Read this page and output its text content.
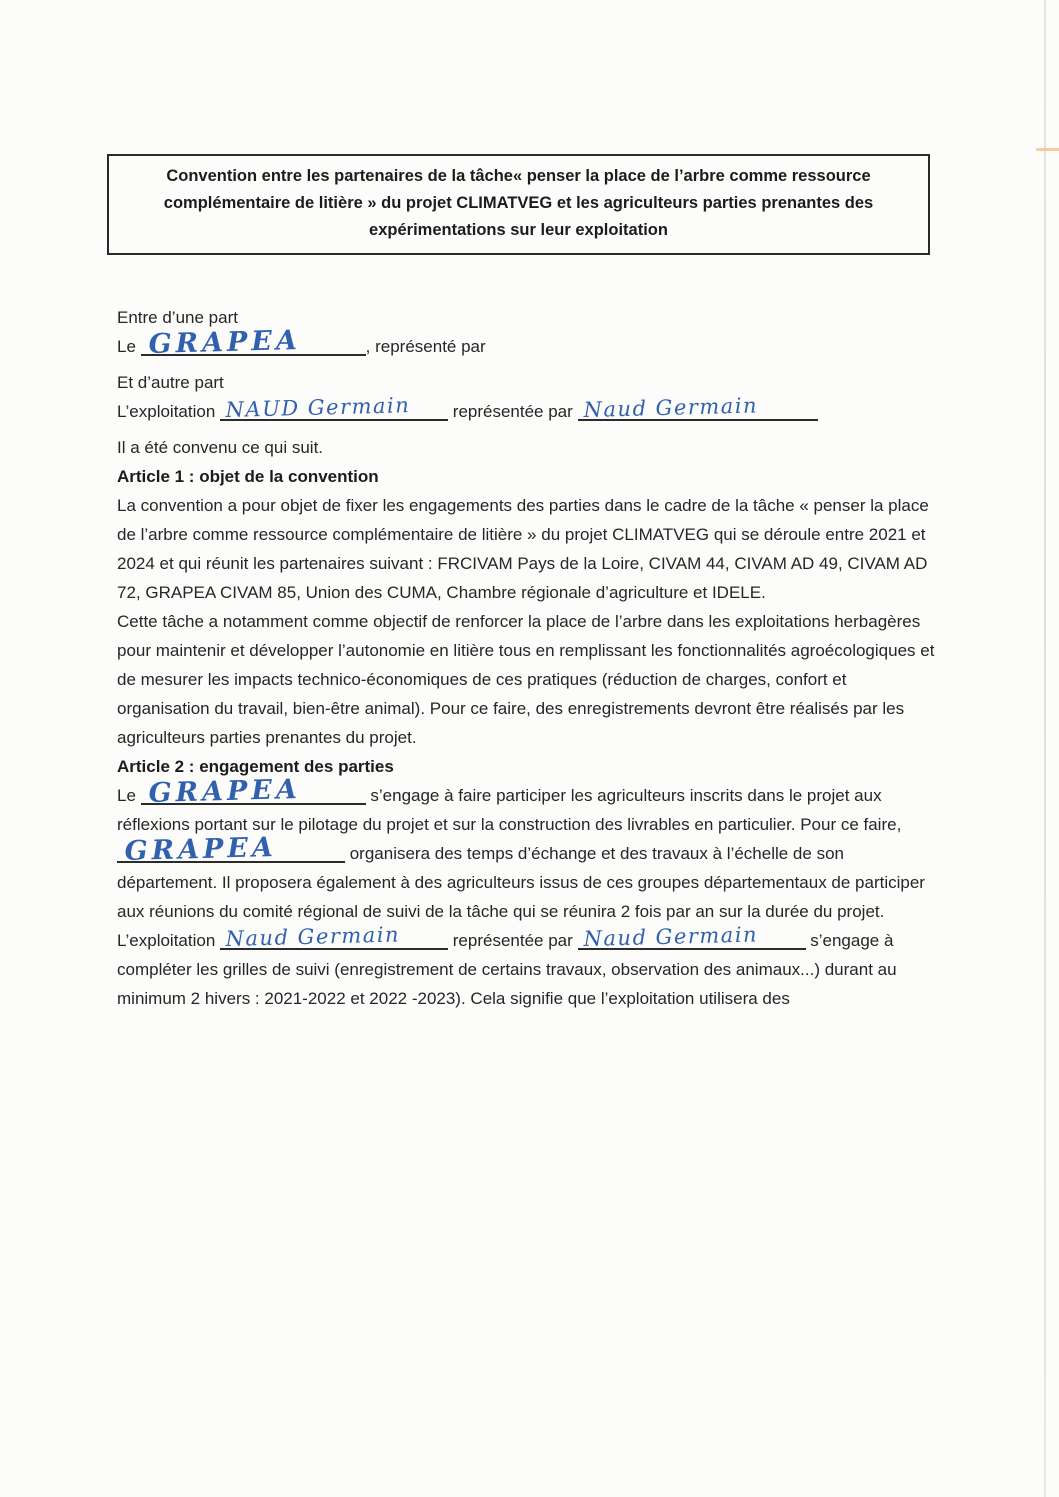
Convention entre les partenaires de la tâche« penser la place de l’arbre comme ressource complémentaire de litière » du projet CLIMATVEG et les agriculteurs parties prenantes des expérimentations sur leur exploitation

Entre d’une part

Le GRAPEA	, représenté par

Et d’autre part

L’exploitation NAUD Germain représentée par Naud Germain

Il a été convenu ce qui suit.

Article 1 : objet de la convention

La convention a pour objet de fixer les engagements des parties dans le cadre de la tâche « penser la place de l’arbre comme ressource complémentaire de litière » du projet CLIMATVEG qui se déroule entre 2021 et 2024 et qui réunit les partenaires suivant : FRCIVAM Pays de la Loire, CIVAM 44, CIVAM AD 49, CIVAM AD 72, GRAPEA CIVAM 85, Union des CUMA, Chambre régionale d’agriculture et IDELE.

Cette tâche a notamment comme objectif de renforcer la place de l’arbre dans les exploitations herbagères pour maintenir et développer l’autonomie en litière tous en remplissant les fonctionnalités agroécologiques et de mesurer les impacts technico-économiques de ces pratiques (réduction de charges, confort et organisation du travail, bien-être animal). Pour ce faire, des enregistrements devront être réalisés par les agriculteurs parties prenantes du projet.

Article 2 : engagement des parties

Le GRAPEA	s’engage à faire participer les agriculteurs inscrits dans le projet aux réflexions portant sur le pilotage du projet et sur la construction des livrables en particulier. Pour ce faire,
GRAPEA	organisera des temps d’échange et des travaux à l’échelle de son département. Il proposera également à des agriculteurs issus de ces groupes départementaux de participer aux réunions du comité régional de suivi de la tâche qui se réunira 2 fois par an sur la durée du projet.

L’exploitation Naud Germain	représentée par Naud Germain	s’engage à compléter les grilles de suivi (enregistrement de certains travaux, observation des animaux...) durant au minimum 2 hivers : 2021-2022 et 2022 -2023). Cela signifie que l’exploitation utilisera des
